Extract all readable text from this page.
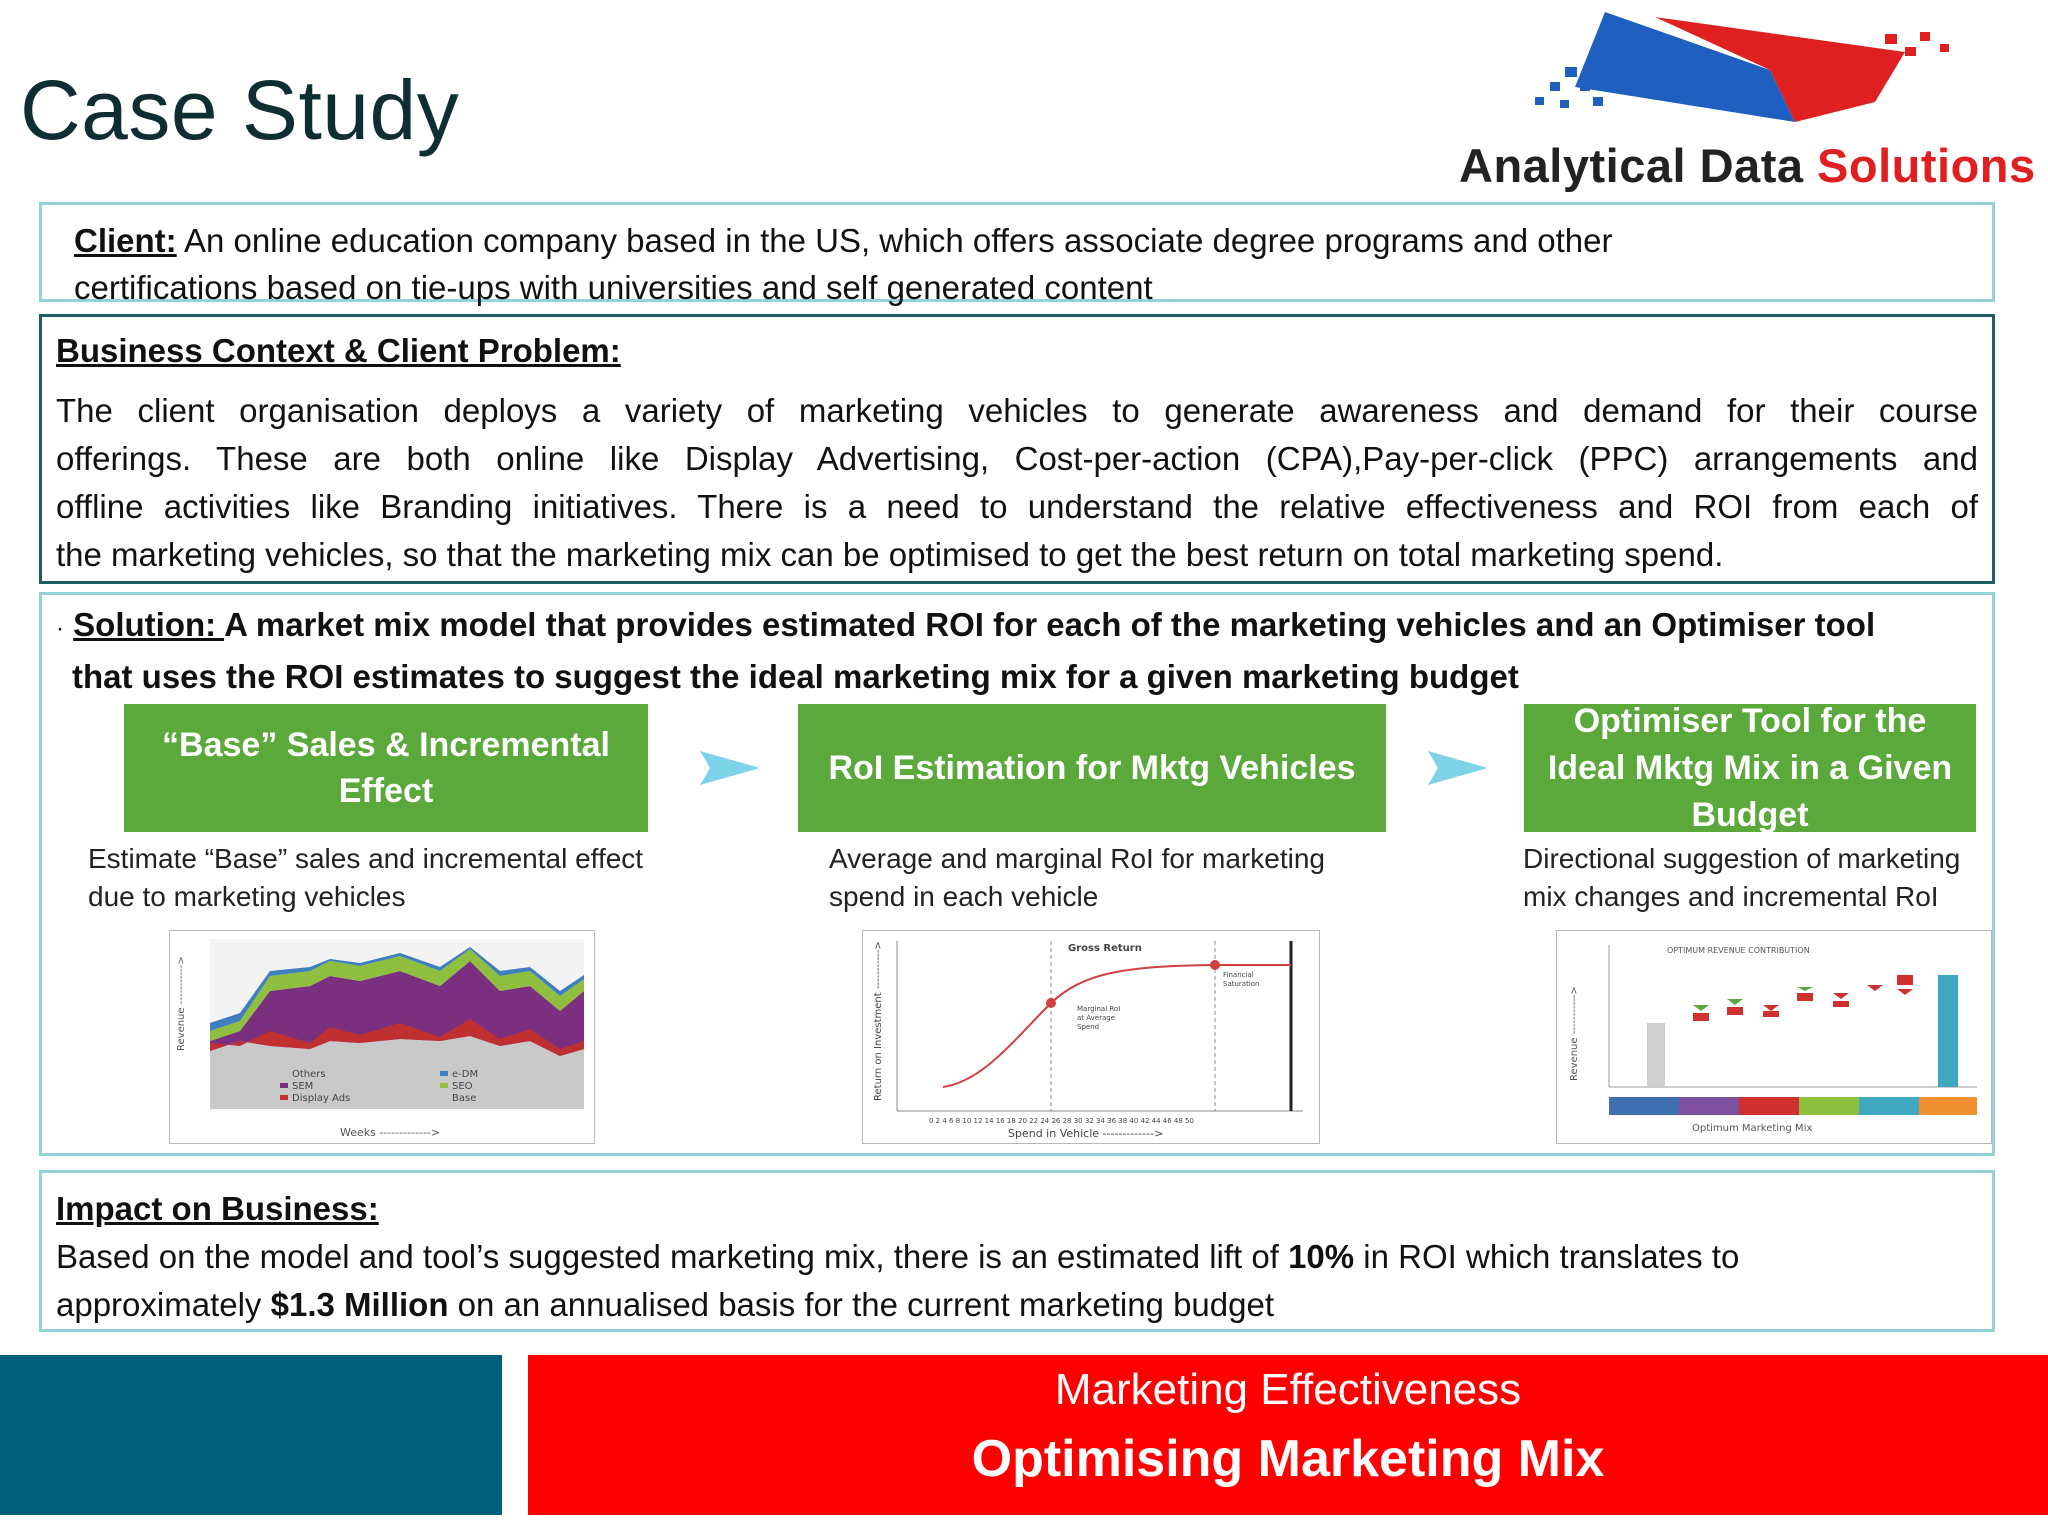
Case Study
Analytical Data Solutions
Client: An online education company based in the US, which offers associate degree programs and other
certifications based on tie-ups with universities and self generated content
Business Context & Client Problem:
The client organisation deploys a variety of marketing vehicles to generate awareness and demand for their course
offerings. These are both online like Display Advertising, Cost-per-action (CPA),Pay-per-click (PPC) arrangements and
offline activities like Branding initiatives. There is a need to understand the relative effectiveness and ROI from each of
the marketing vehicles, so that the marketing mix can be optimised to get the best return on total marketing spend.
· Solution: A market mix model that provides estimated ROI for each of the marketing vehicles and an Optimiser tool
that uses the ROI estimates to suggest the ideal marketing mix for a given marketing budget
“Base” Sales & Incremental
Effect
RoI Estimation for Mktg Vehicles
Optimiser Tool for the
Ideal Mktg Mix in a Given
Budget
Estimate “Base” sales and incremental effect
due to marketing vehicles
Average and marginal RoI for marketing
spend in each vehicle
Directional suggestion of marketing
mix changes and incremental RoI
Revenue ----------->
Weeks ------------->
Others	e-DM
SEM	SEO
Display Ads	Base
Gross Return
Return on Investment ----------->
Spend in Vehicle ------------->
Marginal RoI
at Average
Spend
Financial
Saturation
0 2 4 6 8 10 12 14 16 18 20 22 24 26 28 30 32 34 36 38 40 42 44 46 48 50
OPTIMUM REVENUE CONTRIBUTION
Revenue ----------->
Optimum Marketing Mix
Impact on Business:
Based on the model and tool’s suggested marketing mix, there is an estimated lift of 10% in ROI which translates to
approximately $1.3 Million on an annualised basis for the current marketing budget
Marketing Effectiveness
Optimising Marketing Mix
